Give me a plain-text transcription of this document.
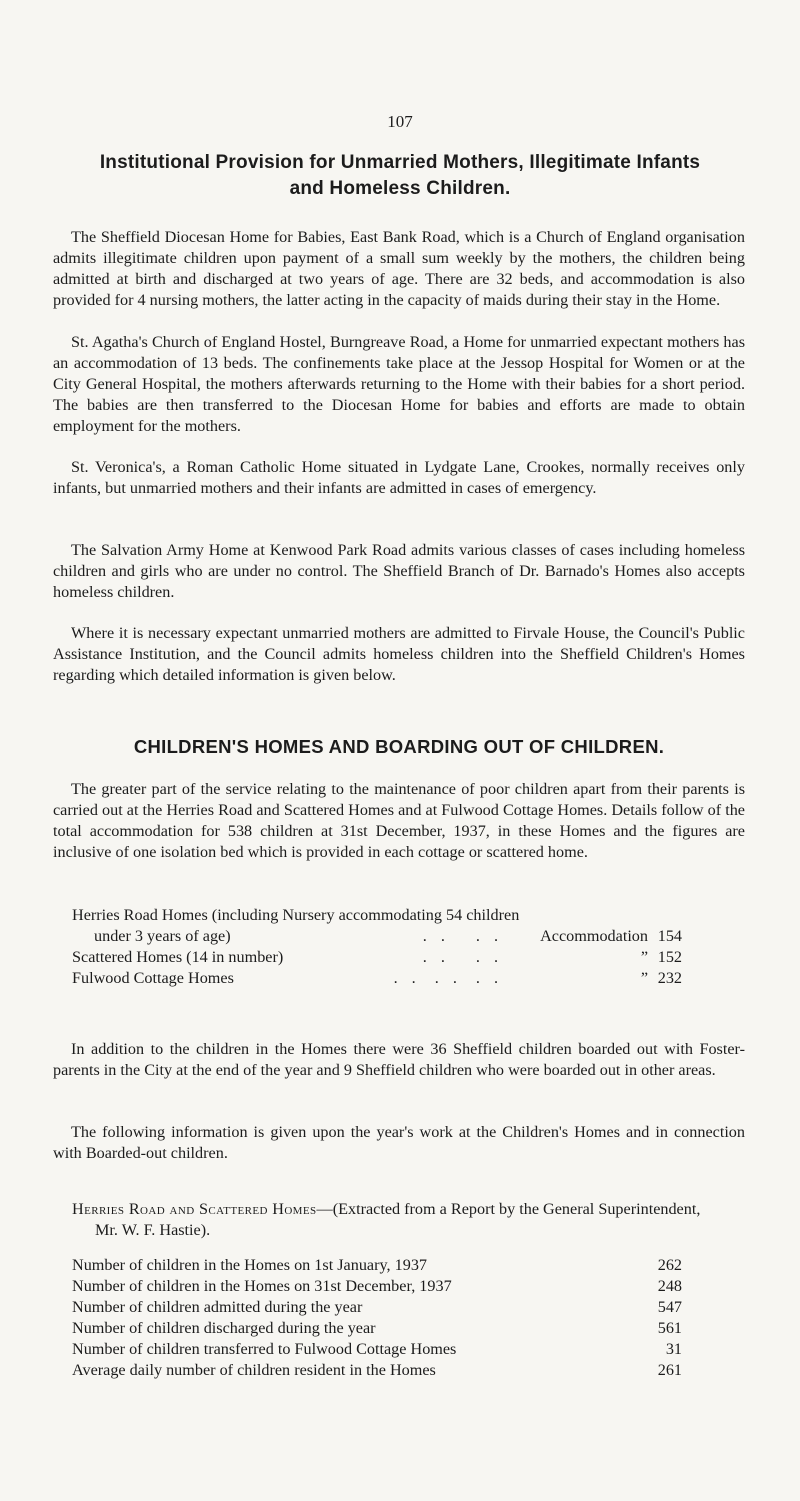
107
Institutional Provision for Unmarried Mothers, Illegitimate Infants and Homeless Children.

The Sheffield Diocesan Home for Babies, East Bank Road, which is a Church of England organisation admits illegitimate children upon payment of a small sum weekly by the mothers, the children being admitted at birth and discharged at two years of age. There are 32 beds, and accommodation is also provided for 4 nursing mothers, the latter acting in the capacity of maids during their stay in the Home.

St. Agatha's Church of England Hostel, Burngreave Road, a Home for unmarried expectant mothers has an accommodation of 13 beds. The confinements take place at the Jessop Hospital for Women or at the City General Hospital, the mothers afterwards returning to the Home with their babies for a short period. The babies are then transferred to the Diocesan Home for babies and efforts are made to obtain employment for the mothers.

St. Veronica's, a Roman Catholic Home situated in Lydgate Lane, Crookes, normally receives only infants, but unmarried mothers and their infants are admitted in cases of emergency.

The Salvation Army Home at Kenwood Park Road admits various classes of cases including homeless children and girls who are under no control. The Sheffield Branch of Dr. Barnado's Homes also accepts homeless children.

Where it is necessary expectant unmarried mothers are admitted to Firvale House, the Council's Public Assistance Institution, and the Council admits homeless children into the Sheffield Children's Homes regarding which detailed information is given below.

CHILDREN'S HOMES AND BOARDING OUT OF CHILDREN.

The greater part of the service relating to the maintenance of poor children apart from their parents is carried out at the Herries Road and Scattered Homes and at Fulwood Cottage Homes. Details follow of the total accommodation for 538 children at 31st December, 1937, in these Homes and the figures are inclusive of one isolation bed which is provided in each cottage or scattered home.

Herries Road Homes (including Nursery accommodating 54 children
under 3 years of age)	. . . .	Accommodation 154
Scattered Homes (14 in number)	. . . .	” 152
Fulwood Cottage Homes	. . . . . .	” 232

In addition to the children in the Homes there were 36 Sheffield children boarded out with Foster-parents in the City at the end of the year and 9 Sheffield children who were boarded out in other areas.

The following information is given upon the year's work at the Children's Homes and in connection with Boarded-out children.

Herries Road and Scattered Homes—(Extracted from a Report by the General Superintendent, Mr. W. F. Hastie).

Number of children in the Homes on 1st January, 1937	262
Number of children in the Homes on 31st December, 1937	248
Number of children admitted during the year	547
Number of children discharged during the year	561
Number of children transferred to Fulwood Cottage Homes	31
Average daily number of children resident in the Homes	261
